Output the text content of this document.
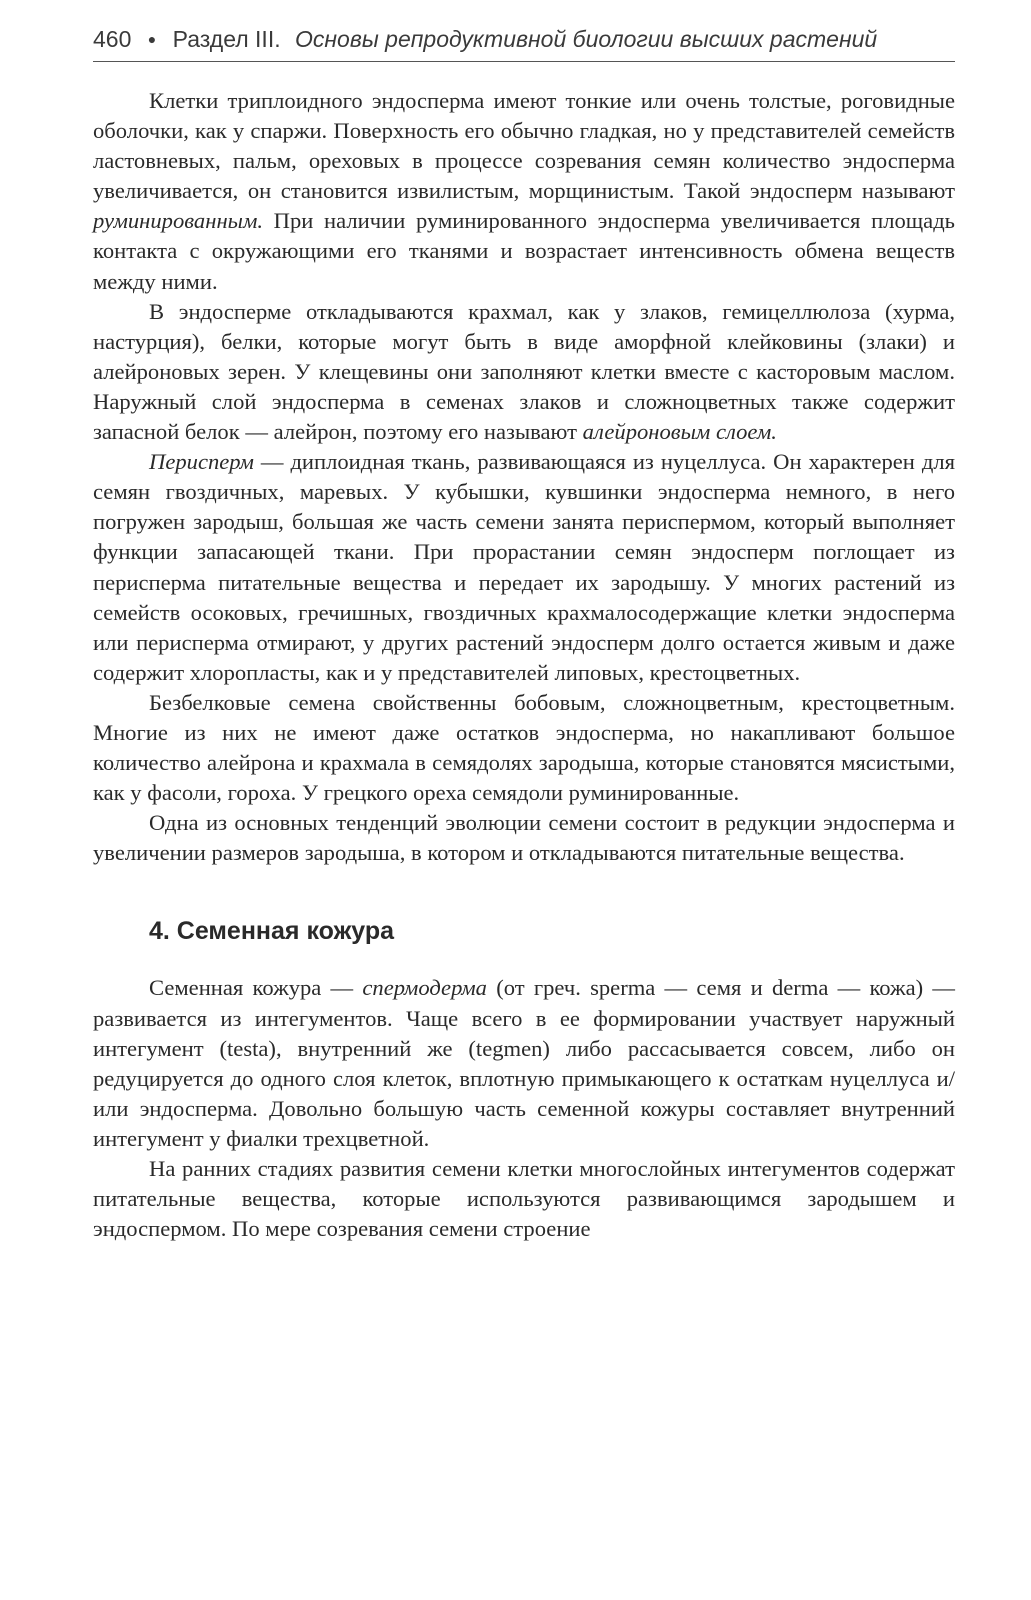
460 ● Раздел III. Основы репродуктивной биологии высших растений

Клетки триплоидного эндосперма имеют тонкие или очень толстые, роговидные оболочки, как у спаржи. Поверхность его обычно гладкая, но у представителей семейств ластовневых, пальм, ореховых в процессе созревания семян количество эндосперма увеличивается, он становится извилистым, морщинистым. Такой эндосперм называют руминированным. При наличии руминированного эндосперма увеличивается площадь контакта с окружающими его тканями и возрастает интенсивность обмена веществ между ними.

В эндосперме откладываются крахмал, как у злаков, гемицеллюлоза (хурма, настурция), белки, которые могут быть в виде аморфной клейковины (злаки) и алейроновых зерен. У клещевины они заполняют клетки вместе с касторовым маслом. Наружный слой эндосперма в семенах злаков и сложноцветных также содержит запасной белок — алейрон, поэтому его называют алейроновым слоем.

Перисперм — диплоидная ткань, развивающаяся из нуцеллуса. Он характерен для семян гвоздичных, маревых. У кубышки, кувшинки эндосперма немного, в него погружен зародыш, большая же часть семени занята периспермом, который выполняет функции запасающей ткани. При прорастании семян эндосперм поглощает из перисперма питательные вещества и передает их зародышу. У многих растений из семейств осоковых, гречишных, гвоздичных крахмалосодержащие клетки эндосперма или перисперма отмирают, у других растений эндосперм долго остается живым и даже содержит хлоропласты, как и у представителей липовых, крестоцветных.

Безбелковые семена свойственны бобовым, сложноцветным, крестоцветным. Многие из них не имеют даже остатков эндосперма, но накапливают большое количество алейрона и крахмала в семядолях зародыша, которые становятся мясистыми, как у фасоли, гороха. У грецкого ореха семядоли руминированные.

Одна из основных тенденций эволюции семени состоит в редукции эндосперма и увеличении размеров зародыша, в котором и откладываются питательные вещества.

4. Семенная кожура

Семенная кожура — спермодерма (от греч. sperma — семя и derma — кожа) — развивается из интегументов. Чаще всего в ее формировании участвует наружный интегумент (testa), внутренний же (tegmen) либо рассасывается совсем, либо он редуцируется до одного слоя клеток, вплотную примыкающего к остаткам нуцеллуса и/или эндосперма. Довольно большую часть семенной кожуры составляет внутренний интегумент у фиалки трехцветной.

На ранних стадиях развития семени клетки многослойных интегументов содержат питательные вещества, которые используются развивающимся зародышем и эндоспермом. По мере созревания семени строение
